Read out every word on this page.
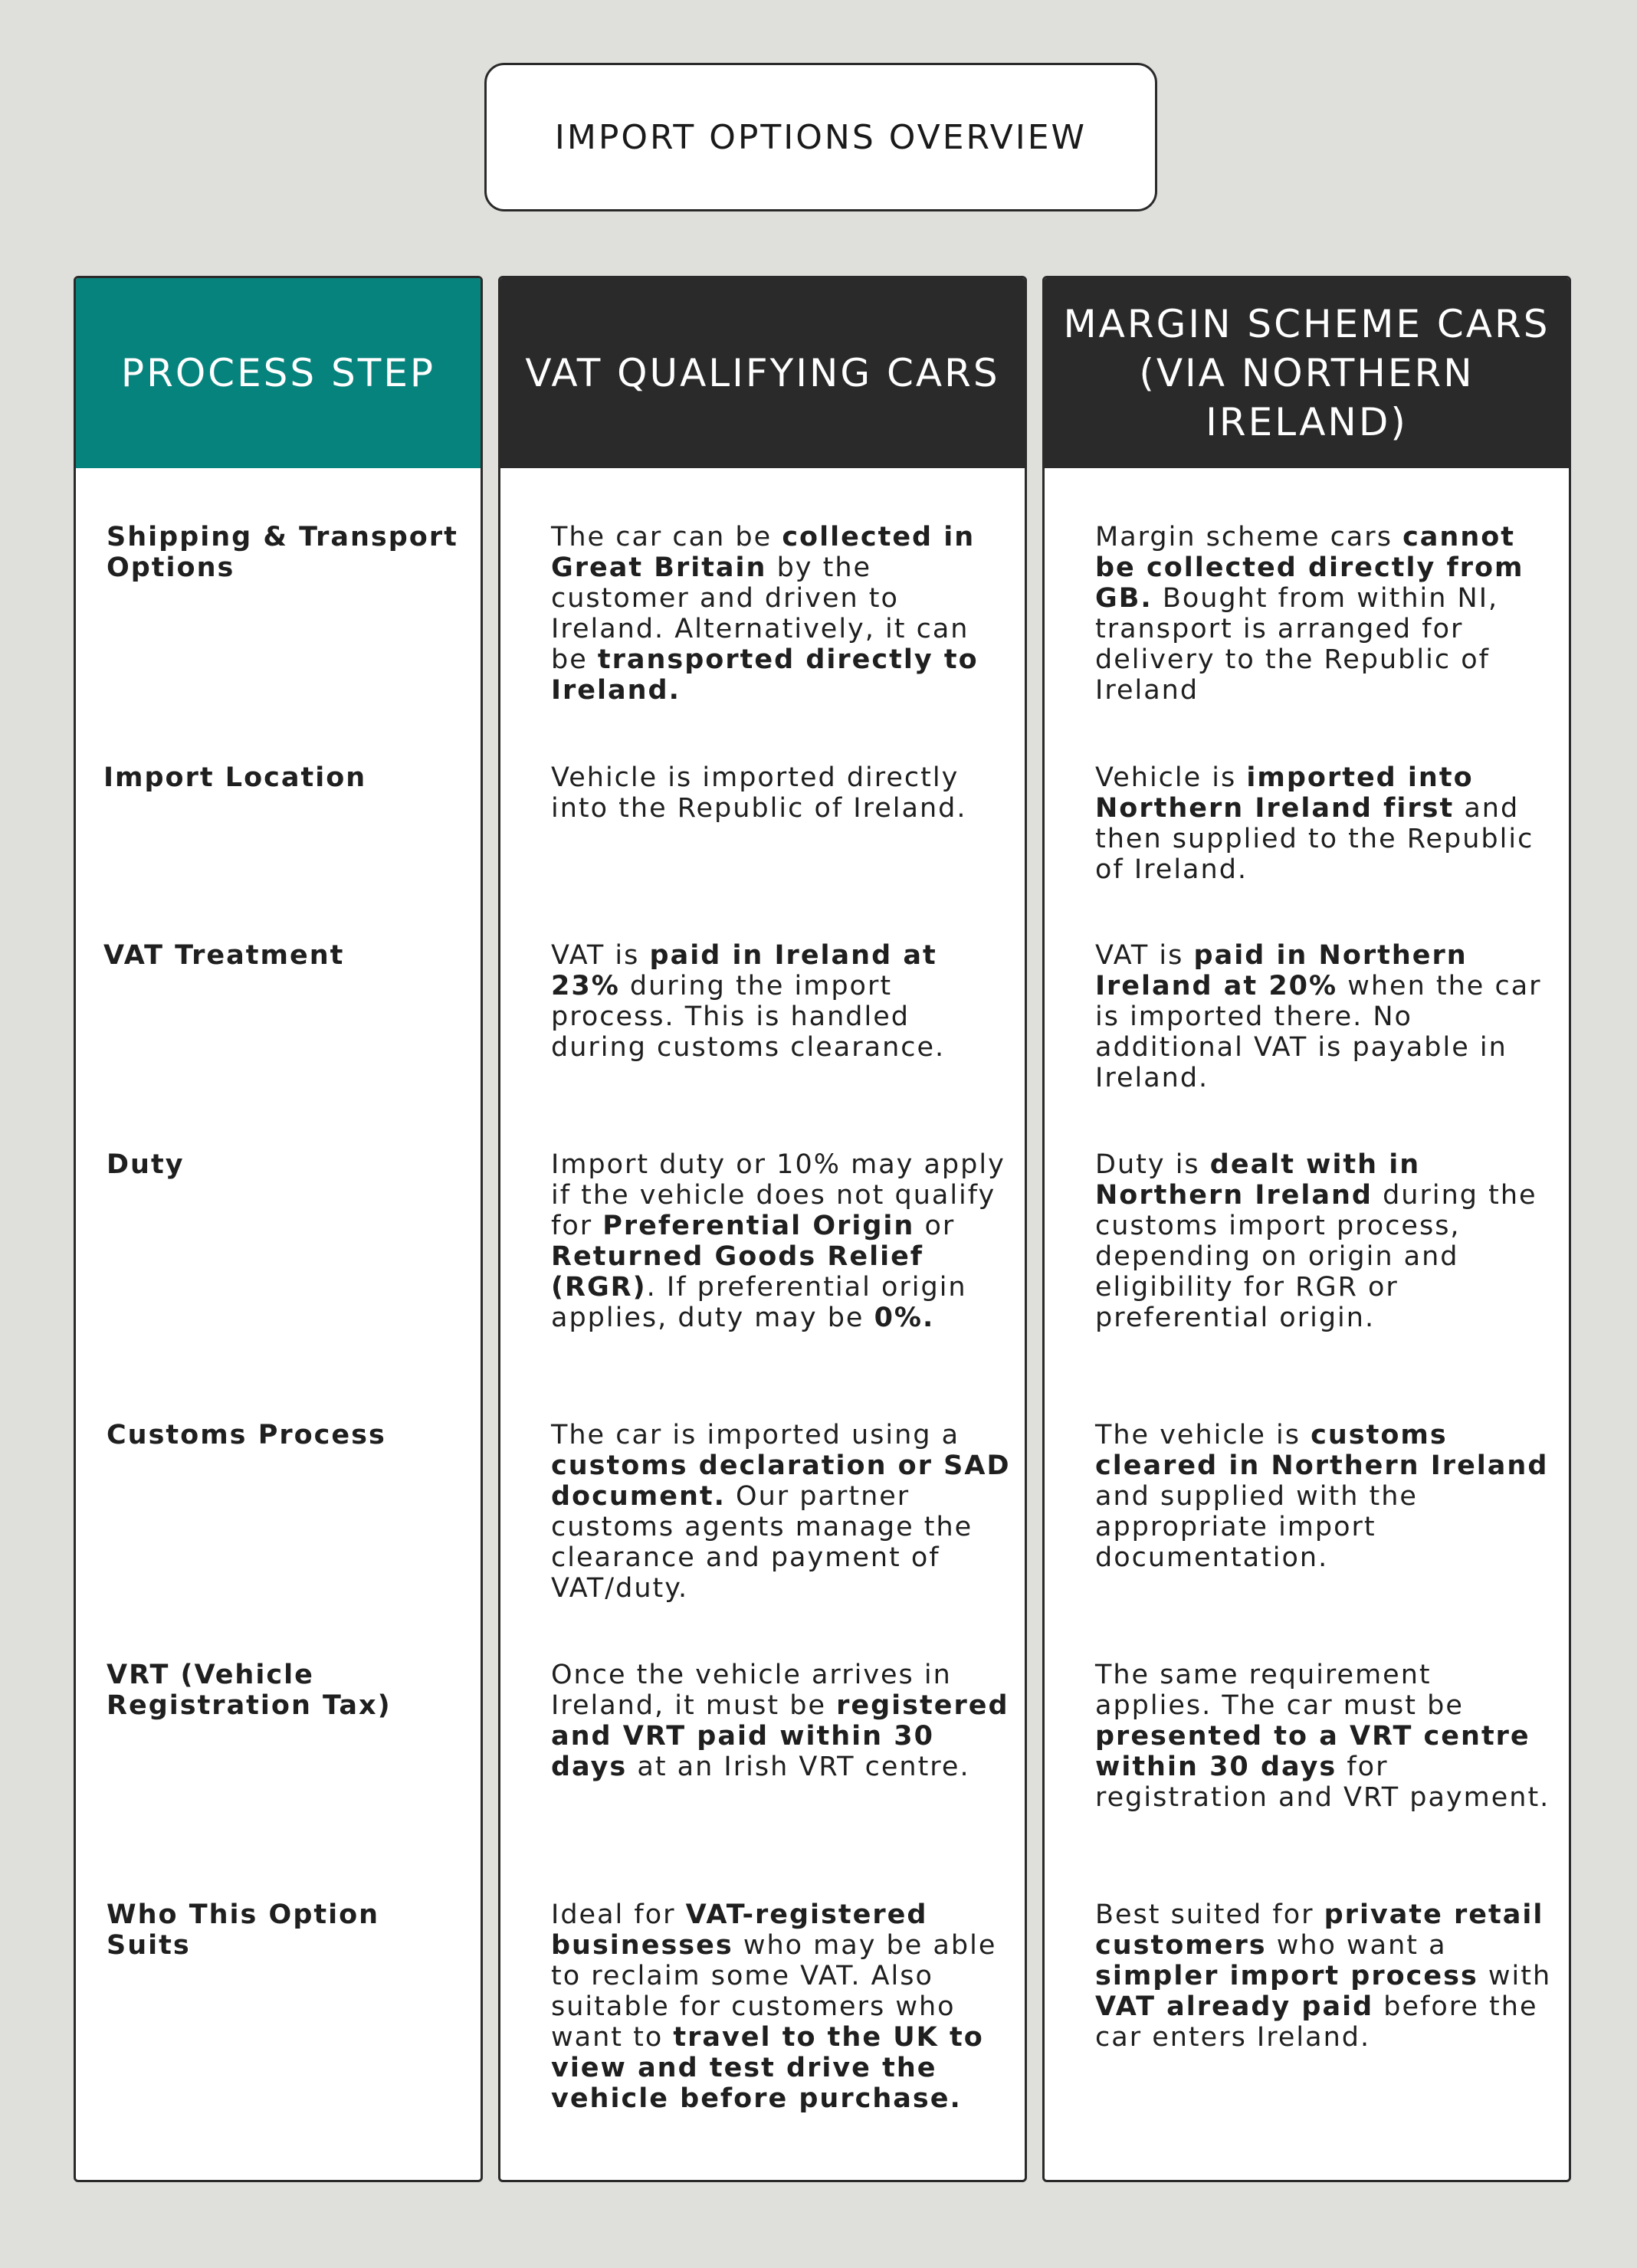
IMPORT OPTIONS OVERVIEW
PROCESS STEP
Shipping & Transport Options
Import Location
VAT Treatment
Duty
Customs Process
VRT (Vehicle Registration Tax)
Who This Option Suits
VAT QUALIFYING CARS
The car can be collected in Great Britain by the customer and driven to Ireland. Alternatively, it can be transported directly to Ireland.
Vehicle is imported directly into the Republic of Ireland.
VAT is paid in Ireland at 23% during the import process. This is handled during customs clearance.
Import duty or 10% may apply if the vehicle does not qualify for Preferential Origin or Returned Goods Relief (RGR). If preferential origin applies, duty may be 0%.
The car is imported using a customs declaration or SAD document. Our partner customs agents manage the clearance and payment of VAT/duty.
Once the vehicle arrives in Ireland, it must be registered and VRT paid within 30 days at an Irish VRT centre.
Ideal for VAT-registered businesses who may be able to reclaim some VAT. Also suitable for customers who want to travel to the UK to view and test drive the vehicle before purchase.
MARGIN SCHEME CARS (VIA NORTHERN IRELAND)
Margin scheme cars cannot be collected directly from GB. Bought from within NI, transport is arranged for delivery to the Republic of Ireland
Vehicle is imported into Northern Ireland first and then supplied to the Republic of Ireland.
VAT is paid in Northern Ireland at 20% when the car is imported there. No additional VAT is payable in Ireland.
Duty is dealt with in Northern Ireland during the customs import process, depending on origin and eligibility for RGR or preferential origin.
The vehicle is customs cleared in Northern Ireland and supplied with the appropriate import documentation.
The same requirement applies. The car must be presented to a VRT centre within 30 days for registration and VRT payment.
Best suited for private retail customers who want a simpler import process with VAT already paid before the car enters Ireland.
